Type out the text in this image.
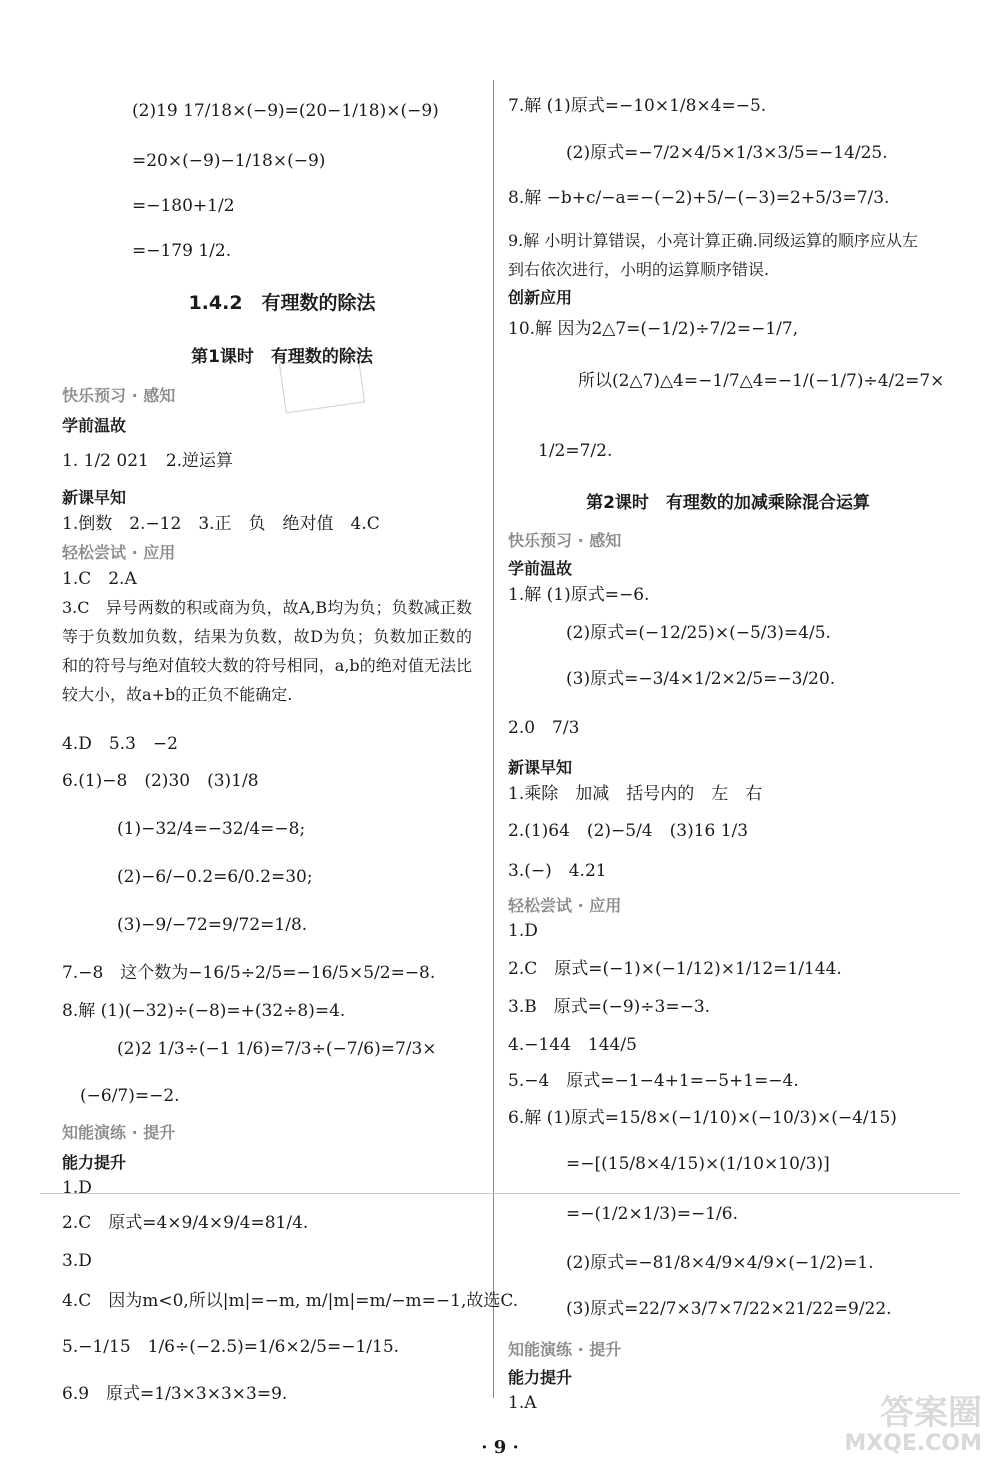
(2)19 17/18×(−9)=(20−1/18)×(−9)
=20×(−9)−1/18×(−9)
=−180+1/2
=−179 1/2.
1.4.2　有理数的除法
第1课时　有理数的除法
快乐预习 · 感知
学前温故
1. 1/2 021　2.逆运算
新课早知
1.倒数　2.−12　3.正　负　绝对值　4.C
轻松尝试 · 应用
1.C　2.A
3.C　异号两数的积或商为负，故A,B均为负；负数减正数等于负数加负数，结果为负数，故D为负；负数加正数的和的符号与绝对值较大数的符号相同，a,b的绝对值无法比较大小，故a+b的正负不能确定.
4.D　5.3　−2
6.(1)−8　(2)30　(3)1/8
(1)−32/4=−32/4=−8;
(2)−6/−0.2=6/0.2=30;
(3)−9/−72=9/72=1/8.
7.−8　这个数为−16/5÷2/5=−16/5×5/2=−8.
8.解 (1)(−32)÷(−8)=+(32÷8)=4.
(2)2 1/3÷(−1 1/6)=7/3÷(−7/6)=7/3×
(−6/7)=−2.
知能演练 · 提升
能力提升
1.D
2.C　原式=4×9/4×9/4=81/4.
3.D
4.C　因为m<0,所以|m|=−m, m/|m|=m/−m=−1,故选C.
5.−1/15　1/6÷(−2.5)=1/6×2/5=−1/15.
6.9　原式=1/3×3×3×3=9.
7.解 (1)原式=−10×1/8×4=−5.
(2)原式=−7/2×4/5×1/3×3/5=−14/25.
8.解 −b+c/−a=−(−2)+5/−(−3)=2+5/3=7/3.
9.解 小明计算错误，小亮计算正确.同级运算的顺序应从左到右依次进行，小明的运算顺序错误.
创新应用
10.解 因为2△7=(−1/2)÷7/2=−1/7,
所以(2△7)△4=−1/7△4=−1/(−1/7)÷4/2=7×
1/2=7/2.
第2课时　有理数的加减乘除混合运算
快乐预习 · 感知
学前温故
1.解 (1)原式=−6.
(2)原式=(−12/25)×(−5/3)=4/5.
(3)原式=−3/4×1/2×2/5=−3/20.
2.0　7/3
新课早知
1.乘除　加减　括号内的　左　右
2.(1)64　(2)−5/4　(3)16 1/3
3.(−)　4.21
轻松尝试 · 应用
1.D
2.C　原式=(−1)×(−1/12)×1/12=1/144.
3.B　原式=(−9)÷3=−3.
4.−144　144/5
5.−4　原式=−1−4+1=−5+1=−4.
6.解 (1)原式=15/8×(−1/10)×(−10/3)×(−4/15)
=−[(15/8×4/15)×(1/10×10/3)]
=−(1/2×1/3)=−1/6.
(2)原式=−81/8×4/9×4/9×(−1/2)=1.
(3)原式=22/7×3/7×7/22×21/22=9/22.
知能演练 · 提升
能力提升
1.A
· 9 ·
答案圈
MXQE.COM
